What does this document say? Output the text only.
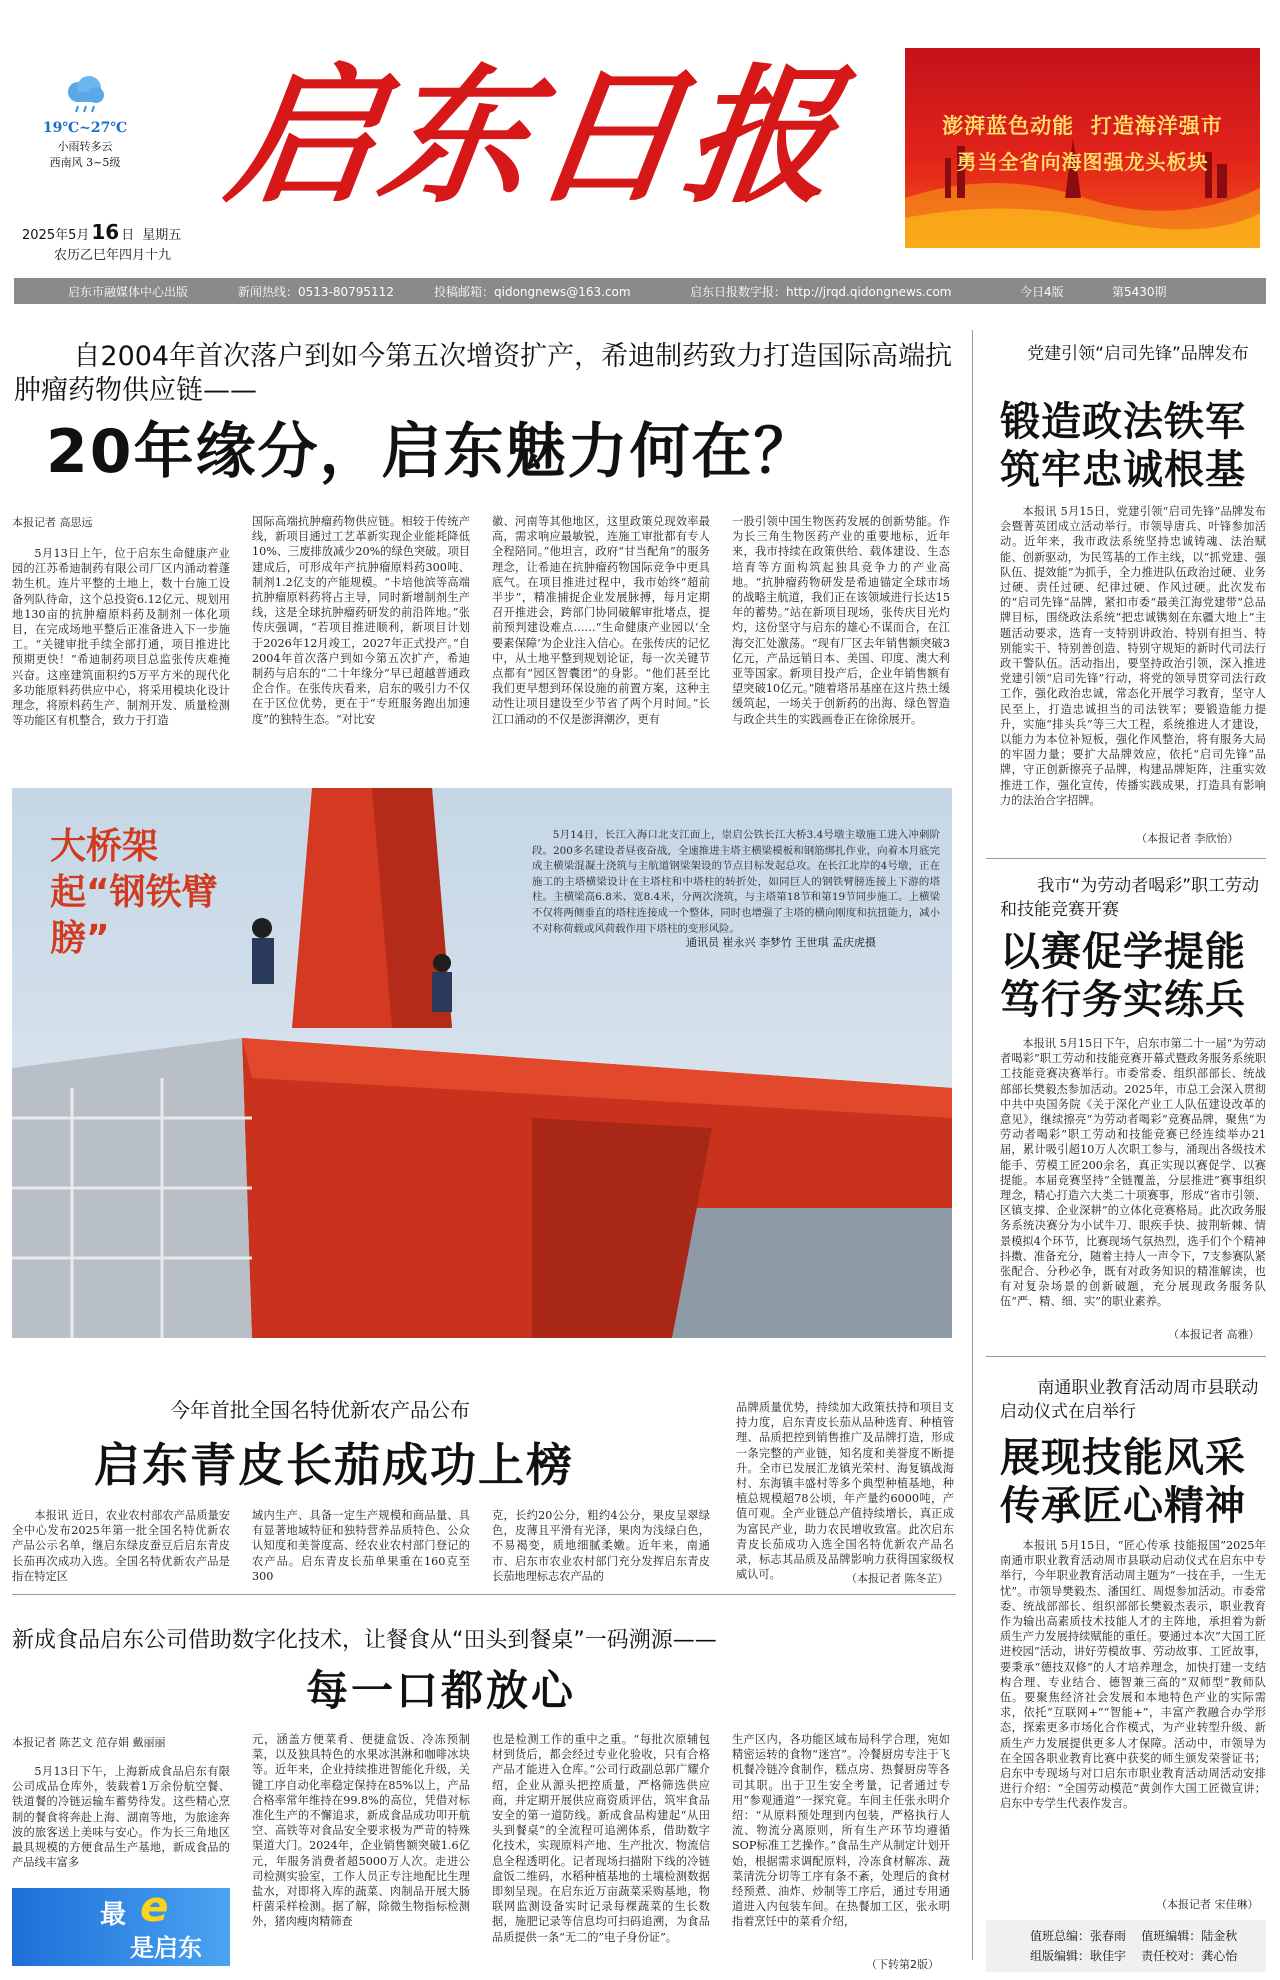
19℃~27℃
小雨转多云
西南风 3~5级
2025年5月 16 日 星期五
农历乙巳年四月十九
启东日报	澎湃蓝色动能  打造海洋强市
勇当全省向海图强龙头板块
启东市融媒体中心出版	新闻热线：0513-80795112	投稿邮箱：qidongnews@163.com	启东日报数字报：http://jrqd.qidongnews.com	今日4版	第5430期
自2004年首次落户到如今第五次增资扩产，希迪制药致力打造国际高端抗肿瘤药物供应链——
20年缘分，启东魅力何在？
本报记者 高思远
5月13日上午，位于启东生命健康产业园的江苏希迪制药有限公司厂区内涌动着蓬勃生机。连片平整的土地上，数十台施工设备列队待命，这个总投资6.12亿元、规划用地130亩的抗肿瘤原料药及制剂一体化项目，在完成场地平整后正准备进入下一步施工。“关键审批手续全部打通，项目推进比预期更快！”希迪制药项目总监张传庆难掩兴奋。这座建筑面积约5万平方米的现代化多功能原料药供应中心，将采用模块化设计理念，将原料药生产、制剂开发、质量检测等功能区有机整合，致力于打造
国际高端抗肿瘤药物供应链。相较于传统产线，新项目通过工艺革新实现企业能耗降低10%、三废排放减少20%的绿色突破。项目建成后，可形成年产抗肿瘤原料药300吨、制剂1.2亿支的产能规模。“卡培他滨等高端抗肿瘤原料药将占主导，同时新增制剂生产线，这是全球抗肿瘤药研发的前沿阵地。”张传庆强调，“若项目推进顺利，新项目计划于2026年12月竣工，2027年正式投产。”自2004年首次落户到如今第五次扩产，希迪制药与启东的“二十年缘分”早已超越普通政企合作。在张传庆看来，启东的吸引力不仅在于区位优势，更在于“专班服务跑出加速度”的独特生态。“对比安
徽、河南等其他地区，这里政策兑现效率最高，需求响应最敏锐，连施工审批都有专人全程陪同。”他坦言，政府“甘当配角”的服务理念，让希迪在抗肿瘤药物国际竞争中更具底气。在项目推进过程中，我市始终“超前半步”，精准捕捉企业发展脉搏，每月定期召开推进会，跨部门协同破解审批堵点，提前预判建设难点……“生命健康产业园以‘全要素保障’为企业注入信心。在张传庆的记忆中，从土地平整到规划论证，每一次关键节点都有“园区智囊团”的身影。“他们甚至比我们更早想到环保设施的前置方案，这种主动性让项目建设至少节省了两个月时间。”长江口涌动的不仅是澎湃潮汐，更有
一股引领中国生物医药发展的创新势能。作为长三角生物医药产业的重要地标，近年来，我市持续在政策供给、载体建设、生态培育等方面构筑起独具竞争力的产业高地。“抗肿瘤药物研发是希迪锚定全球市场的战略主航道，我们正在该领域进行长达15年的蓄势。”站在新项目现场，张传庆目光灼灼，这份坚守与启东的雄心不谋而合，在江海交汇处激荡。“现有厂区去年销售额突破3亿元，产品远销日本、美国、印度、澳大利亚等国家。新项目投产后，企业年销售额有望突破10亿元。”随着塔吊基座在这片热土缓缓筑起，一场关于创新药的出海、绿色智造与政企共生的实践画卷正在徐徐展开。
大桥架起“钢铁臂膀”
5月14日，长江入海口北支江面上，崇启公铁长江大桥3.4号墩主墩施工进入冲刺阶段。200多名建设者昼夜奋战，全速推进主塔主横梁模板和钢筋绑扎作业，向着本月底完成主横梁混凝土浇筑与主航道钢梁架设的节点目标发起总攻。在长江北岸的4号墩，正在施工的主塔横梁设计在主塔柱和中塔柱的转折处，如同巨人的钢铁臂膀连接上下游的塔柱。主横梁高6.8米、宽8.4米，分两次浇筑，与主塔第18节和第19节同步施工。上横梁不仅将两侧垂直的塔柱连接成一个整体，同时也增强了主塔的横向刚度和抗扭能力，减小不对称荷载或风荷载作用下塔柱的变形风险。
通讯员 崔永兴 李梦竹 王世琪 孟庆虎摄
今年首批全国名特优新农产品公布
启东青皮长茄成功上榜
本报讯 近日，农业农村部农产品质量安全中心发布2025年第一批全国名特优新农产品公示名单，继启东绿皮蚕豆后启东青皮长茄再次成功入选。全国名特优新农产品是指在特定区
域内生产、具备一定生产规模和商品量、具有显著地域特征和独特营养品质特色、公众认知度和美誉度高、经农业农村部门登记的农产品。启东青皮长茄单果重在160克至300
克，长约20公分，粗约4公分，果皮呈翠绿色，皮薄且平滑有光泽，果肉为浅绿白色，不易褐变，质地细腻柔嫩。近年来，南通市、启东市农业农村部门充分发挥启东青皮长茄地理标志农产品的
品牌质量优势，持续加大政策扶持和项目支持力度，启东青皮长茄从品种选育、种植管理、品质把控到销售推广及品牌打造，形成一条完整的产业链，知名度和美誉度不断提升。全市已发展汇龙镇光荣村、海复镇战海村、东海镇丰盛村等多个典型种植基地，种植总规模超78公顷，年产量约6000吨，产值可观。全产业链总产值持续增长，真正成为富民产业，助力农民增收致富。此次启东青皮长茄成功入选全国名特优新农产品名录，标志其品质及品牌影响力获得国家级权威认可。	（本报记者 陈冬芷）
新成食品启东公司借助数字化技术，让餐食从“田头到餐桌”一码溯源——
每一口都放心
本报记者 陈艺文 范存娟 戴丽丽
5月13日下午，上海新成食品启东有限公司成品仓库外，装载着1万余份航空餐、铁道餐的冷链运输车蓄势待发。这些精心烹制的餐食将奔赴上海、湖南等地，为旅途奔波的旅客送上美味与安心。作为长三角地区最具规模的方便食品生产基地，新成食品的产品线丰富多
元，涵盖方便菜肴、便捷盒饭、冷冻预制菜，以及独具特色的水果冰淇淋和咖啡冰块等。近年来，企业持续推进智能化升级，关键工序自动化率稳定保持在85%以上，产品合格率常年维持在99.8%的高位，凭借对标准化生产的不懈追求，新成食品成功叩开航空、高铁等对食品安全要求极为严苛的特殊渠道大门。2024年，企业销售额突破1.6亿元，年服务消费者超5000万人次。走进公司检测实验室，工作人员正专注地配比生理盐水，对即将入库的蔬菜、肉制品开展大肠杆菌采样检测。据了解，除微生物指标检测外，猪肉瘦肉精筛查
也是检测工作的重中之重。“每批次原辅包材到货后，都会经过专业化验收，只有合格产品才能进入仓库。”公司行政副总郭广耀介绍，企业从源头把控质量，严格筛选供应商，并定期开展供应商资质评估，筑牢食品安全的第一道防线。新成食品构建起“从田头到餐桌”的全流程可追溯体系，借助数字化技术，实现原料产地、生产批次、物流信息全程透明化。记者现场扫描附下线的冷链盒饭二维码，水稻种植基地的土壤检测数据即刻呈现。在启东近万亩蔬菜采购基地，物联网监测设备实时记录每棵蔬菜的生长数据，施肥记录等信息均可扫码追溯，为食品品质提供一条“无二的”电子身份证”。
生产区内，各功能区域布局科学合理，宛如精密运转的食物“迷宫”。冷餐厨房专注于飞机餐冷链冷食制作，糕点房、热餐厨房等各司其职。出于卫生安全考量，记者通过专用“参观通道”一探究竟。车间主任张永明介绍：“从原料预处理到内包装，严格执行人流、物流分离原则，所有生产环节均遵循SOP标准工艺操作。”食品生产从制定计划开始，根据需求调配原料，冷冻食材解冻、蔬菜清洗分切等工序有条不紊，处理后的食材经预煮、油炸、炒制等工序后，通过专用通道进入内包装车间。在热餐加工区，张永明指着烹饪中的菜肴介绍，
（下转第2版）
最 e
是启东
党建引领“启司先锋”品牌发布
锻造政法铁军筑牢忠诚根基
本报讯 5月15日，党建引领“启司先锋”品牌发布会暨菁英团成立活动举行。市领导唐兵、叶锋参加活动。近年来，我市政法系统坚持忠诚铸魂、法治赋能、创新驱动，为民笃基的工作主线，以“抓党建、强队伍、提效能”为抓手，全力推进队伍政治过硬、业务过硬、责任过硬、纪律过硬、作风过硬。此次发布的“启司先锋”品牌，紧扣市委“最美江海党建带”总品牌目标，围绕政法系统“把忠诚镌刻在东疆大地上”主题活动要求，选育一支特别讲政治、特别有担当、特别能实干、特别善创造、特别守规矩的新时代司法行政干警队伍。活动指出，要坚持政治引领，深入推进党建引领“启司先锋”行动，将党的领导贯穿司法行政工作，强化政治忠诚，常态化开展学习教育，坚守人民至上，打造忠诚担当的司法铁军；要锻造能力提升，实施“排头兵”等三大工程，系统推进人才建设，以能力为本位补短板，强化作风整治，将有服务大局的牢固力量；要扩大品牌效应，依托“启司先锋”品牌，守正创新擦亮子品牌，构建品牌矩阵，注重实效推进工作，强化宣传，传播实践成果，打造具有影响力的法治合字招牌。
（本报记者 李欣怡）
我市“为劳动者喝彩”职工劳动和技能竞赛开赛
以赛促学提能笃行务实练兵
本报讯 5月15日下午，启东市第二十一届“为劳动者喝彩”职工劳动和技能竞赛开幕式暨政务服务系统职工技能竞赛决赛举行。市委常委、组织部部长、统战部部长樊毅杰参加活动。2025年，市总工会深入贯彻中共中央国务院《关于深化产业工人队伍建设改革的意见》，继续擦亮“为劳动者喝彩”竞赛品牌，聚焦“为劳动者喝彩”职工劳动和技能竞赛已经连续举办21届，累计吸引超10万人次职工参与，涌现出各级技术能手、劳模工匠200余名，真正实现以赛促学、以赛提能。本届竞赛坚持“全链覆盖，分层推进”赛事组织理念，精心打造六大类二十项赛事，形成“省市引领、区镇支撑、企业深耕”的立体化竞赛格局。此次政务服务系统决赛分为小试牛刀、眼疾手快、披荆斩棘、情景模拟4个环节，比赛现场气氛热烈，选手们个个精神抖擞、准备充分，随着主持人一声令下，7支参赛队紧张配合、分秒必争，既有对政务知识的精准解读，也有对复杂场景的创新破题，充分展现政务服务队伍“严、精、细、实”的职业素养。
（本报记者 高雅）
南通职业教育活动周市县联动启动仪式在启举行
展现技能风采传承匠心精神
本报讯 5月15日，“匠心传承 技能报国”2025年南通市职业教育活动周市县联动启动仪式在启东中专举行，今年职业教育活动周主题为“一技在手，一生无忧”。市领导樊毅杰、潘国红、周煜参加活动。市委常委、统战部部长、组织部部长樊毅杰表示，职业教育作为输出高素质技术技能人才的主阵地，承担着为新质生产力发展持续赋能的重任。要通过本次“大国工匠进校园”活动，讲好劳模故事、劳动故事、工匠故事，要秉承“德技双修”的人才培养理念，加快打建一支结构合理、专业结合、德智兼三高的“双师型”教师队伍。要聚焦经济社会发展和本地特色产业的实际需求，依托“互联网+”“智能+”，丰富产教融合办学形态，探索更多市场化合作模式，为产业转型升级、新质生产力发展提供更多人才保障。活动中，市领导为在全国各职业教育比赛中获奖的师生颁发荣誉证书；启东中专现场与对口启东市职业教育活动周活动安排进行介绍：“全国劳动模范”黄剑作大国工匠微宣讲；启东中专学生代表作发言。
（本报记者 宋佳琳）
值班总编：张春雨    值班编辑：陆金秋
组版编辑：耿佳宇    责任校对：龚心怡
